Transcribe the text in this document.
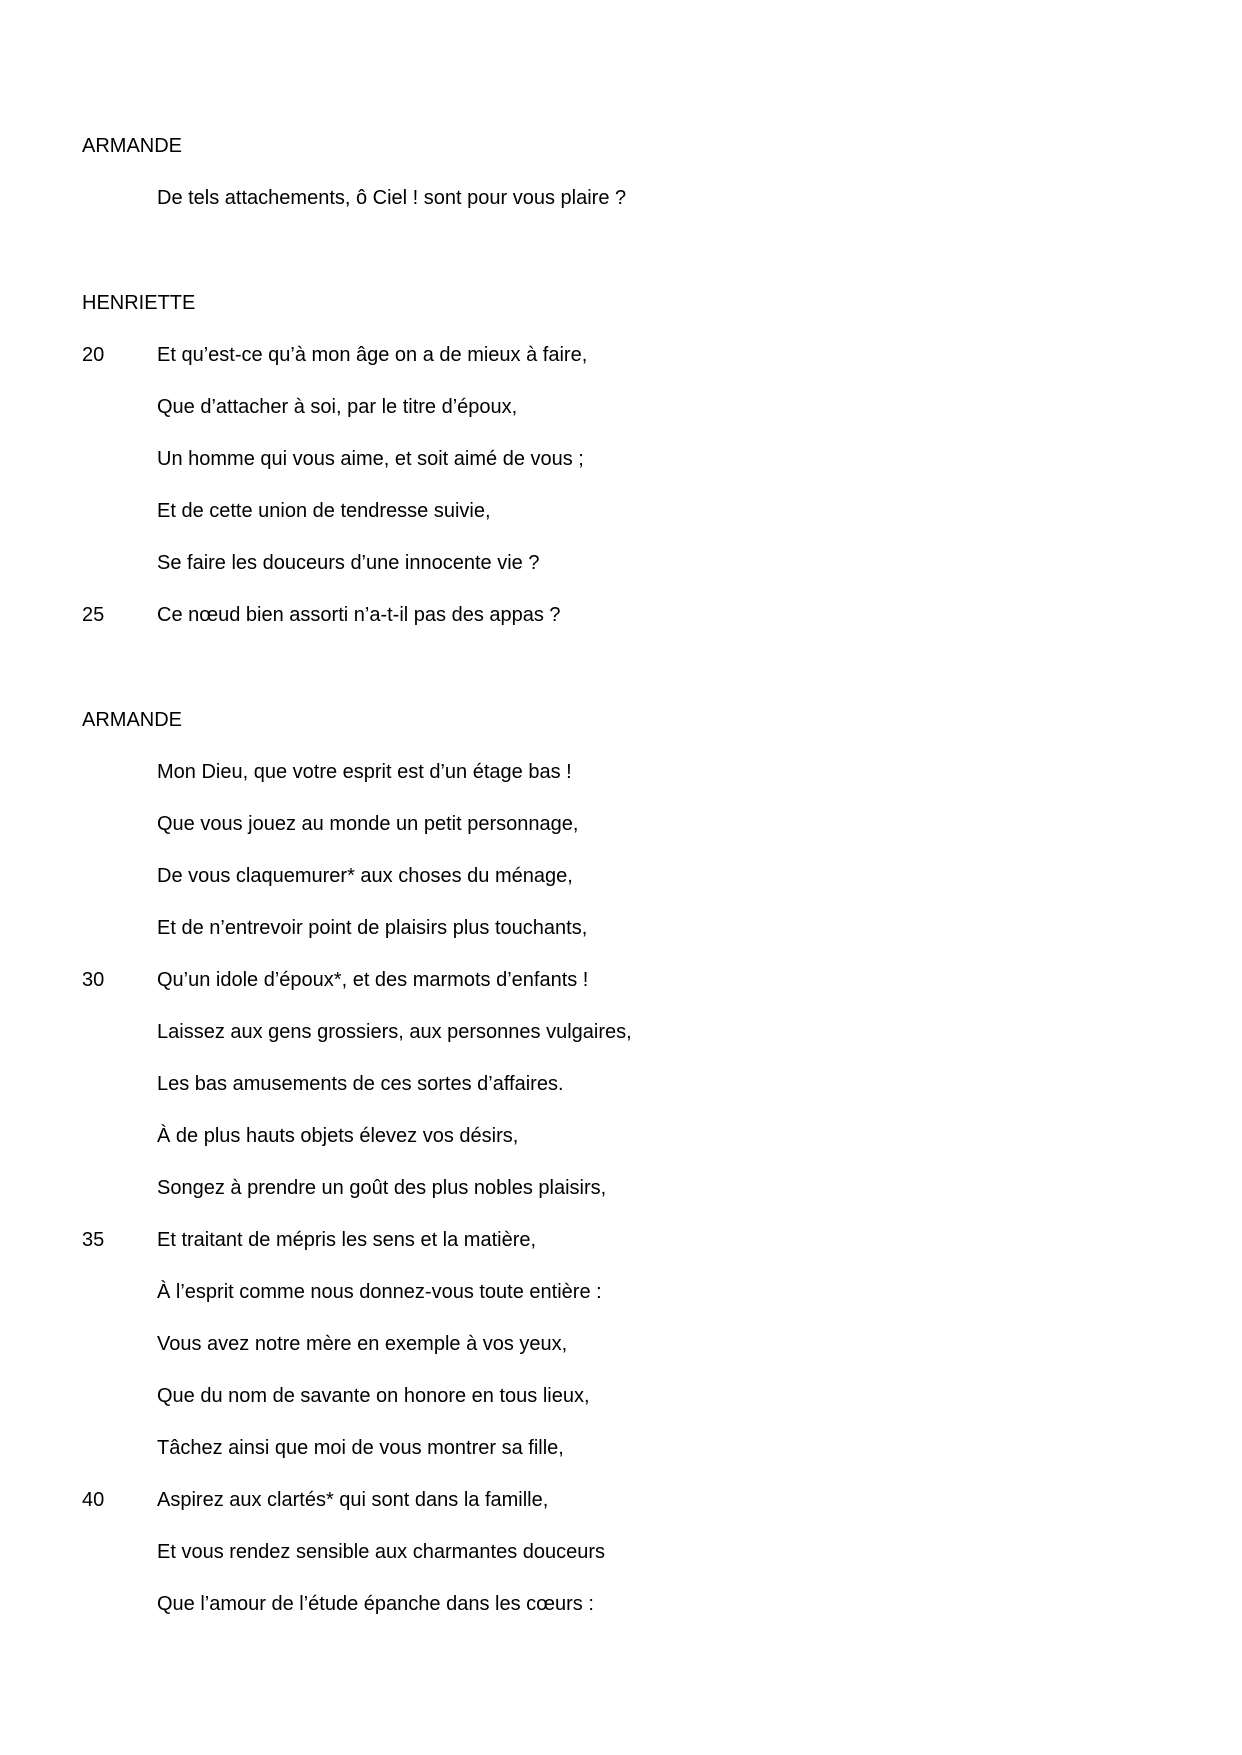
ARMANDE
De tels attachements, ô Ciel ! sont pour vous plaire ?
HENRIETTE
20	Et qu’est-ce qu’à mon âge on a de mieux à faire,
Que d’attacher à soi, par le titre d’époux,
Un homme qui vous aime, et soit aimé de vous ;
Et de cette union de tendresse suivie,
Se faire les douceurs d’une innocente vie ?
25	Ce nœud bien assorti n’a-t-il pas des appas ?
ARMANDE
Mon Dieu, que votre esprit est d’un étage bas !
Que vous jouez au monde un petit personnage,
De vous claquemurer* aux choses du ménage,
Et de n’entrevoir point de plaisirs plus touchants,
30	Qu’un idole d’époux*, et des marmots d’enfants !
Laissez aux gens grossiers, aux personnes vulgaires,
Les bas amusements de ces sortes d’affaires.
À de plus hauts objets élevez vos désirs,
Songez à prendre un goût des plus nobles plaisirs,
35	Et traitant de mépris les sens et la matière,
À l’esprit comme nous donnez-vous toute entière :
Vous avez notre mère en exemple à vos yeux,
Que du nom de savante on honore en tous lieux,
Tâchez ainsi que moi de vous montrer sa fille,
40	Aspirez aux clartés* qui sont dans la famille,
Et vous rendez sensible aux charmantes douceurs
Que l’amour de l’étude épanche dans les cœurs :
